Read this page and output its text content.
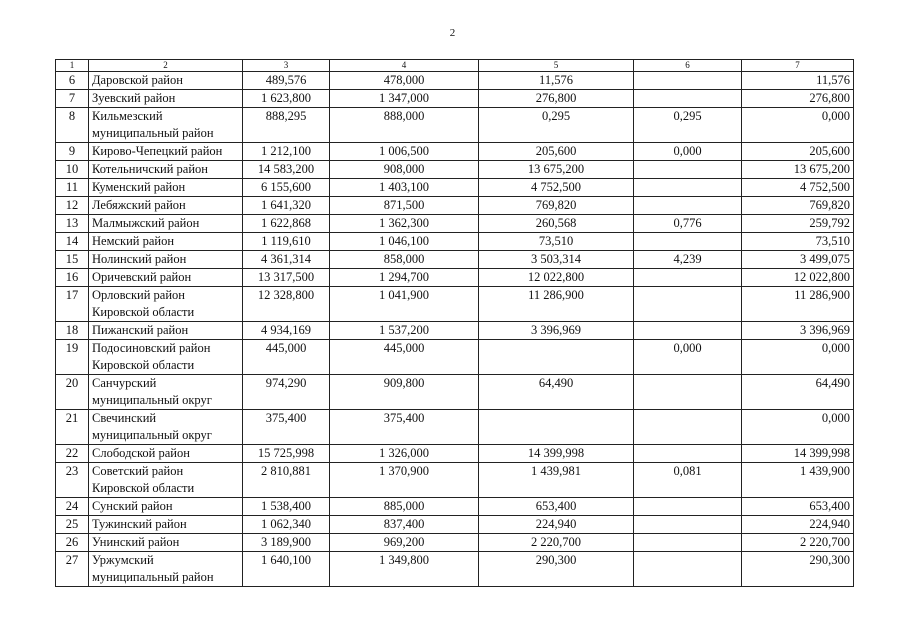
2
1	2	3	4	5	6	7
6	Даровской район	489,576	478,000	11,576		11,576
7	Зуевский район	1 623,800	1 347,000	276,800		276,800
8	Кильмезский муниципальный район	888,295	888,000	0,295	0,295	0,000
9	Кирово-Чепецкий район	1 212,100	1 006,500	205,600	0,000	205,600
10	Котельничский район	14 583,200	908,000	13 675,200		13 675,200
11	Куменский район	6 155,600	1 403,100	4 752,500		4 752,500
12	Лебяжский район	1 641,320	871,500	769,820		769,820
13	Малмыжский район	1 622,868	1 362,300	260,568	0,776	259,792
14	Немский район	1 119,610	1 046,100	73,510		73,510
15	Нолинский район	4 361,314	858,000	3 503,314	4,239	3 499,075
16	Оричевский район	13 317,500	1 294,700	12 022,800		12 022,800
17	Орловский район Кировской области	12 328,800	1 041,900	11 286,900		11 286,900
18	Пижанский район	4 934,169	1 537,200	3 396,969		3 396,969
19	Подосиновский район Кировской области	445,000	445,000		0,000	0,000
20	Санчурский муниципальный округ	974,290	909,800	64,490		64,490
21	Свечинский муниципальный округ	375,400	375,400			0,000
22	Слободской район	15 725,998	1 326,000	14 399,998		14 399,998
23	Советский район Кировской области	2 810,881	1 370,900	1 439,981	0,081	1 439,900
24	Сунский район	1 538,400	885,000	653,400		653,400
25	Тужинский район	1 062,340	837,400	224,940		224,940
26	Унинский район	3 189,900	969,200	2 220,700		2 220,700
27	Уржумский муниципальный район	1 640,100	1 349,800	290,300		290,300
